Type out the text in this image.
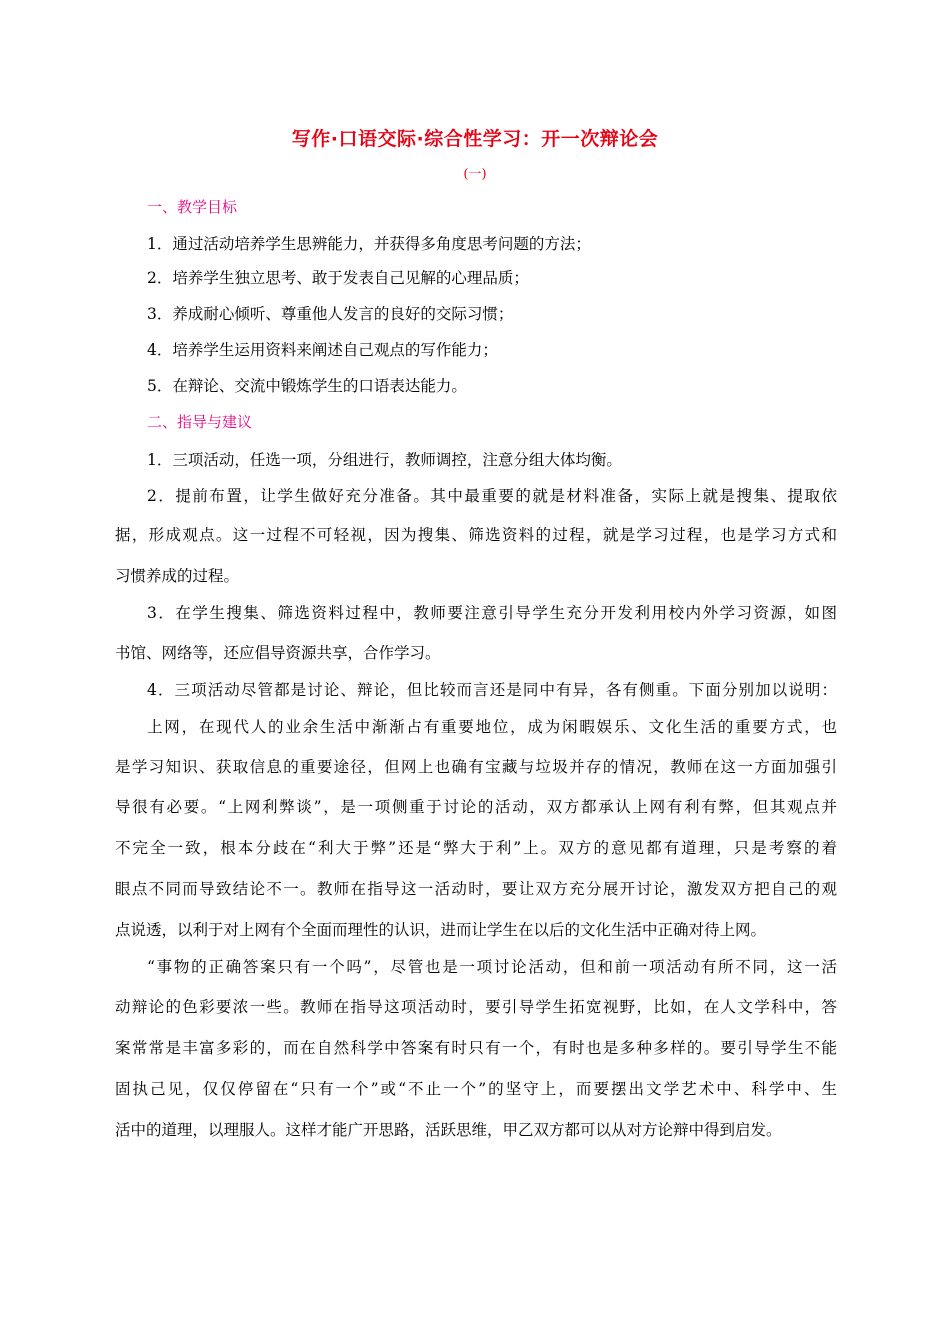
写作·口语交际·综合性学习：开一次辩论会
(一)
一、教学目标
1．通过活动培养学生思辨能力，并获得多角度思考问题的方法；
2．培养学生独立思考、敢于发表自己见解的心理品质；
3．养成耐心倾听、尊重他人发言的良好的交际习惯；
4．培养学生运用资料来阐述自己观点的写作能力；
5．在辩论、交流中锻炼学生的口语表达能力。
二、指导与建议
1．三项活动，任选一项，分组进行，教师调控，注意分组大体均衡。
2．提前布置，让学生做好充分准备。其中最重要的就是材料准备，实际上就是搜集、提取依
据，形成观点。这一过程不可轻视，因为搜集、筛选资料的过程，就是学习过程，也是学习方式和
习惯养成的过程。
3．在学生搜集、筛选资料过程中，教师要注意引导学生充分开发利用校内外学习资源，如图
书馆、网络等，还应倡导资源共享，合作学习。
4．三项活动尽管都是讨论、辩论，但比较而言还是同中有异，各有侧重。下面分别加以说明：
上网，在现代人的业余生活中渐渐占有重要地位，成为闲暇娱乐、文化生活的重要方式，也
是学习知识、获取信息的重要途径，但网上也确有宝藏与垃圾并存的情况，教师在这一方面加强引
导很有必要。“上网利弊谈”，是一项侧重于讨论的活动，双方都承认上网有利有弊，但其观点并
不完全一致，根本分歧在“利大于弊”还是“弊大于利”上。双方的意见都有道理，只是考察的着
眼点不同而导致结论不一。教师在指导这一活动时，要让双方充分展开讨论，激发双方把自己的观
点说透，以利于对上网有个全面而理性的认识，进而让学生在以后的文化生活中正确对待上网。
“事物的正确答案只有一个吗”，尽管也是一项讨论活动，但和前一项活动有所不同，这一活
动辩论的色彩要浓一些。教师在指导这项活动时，要引导学生拓宽视野，比如，在人文学科中，答
案常常是丰富多彩的，而在自然科学中答案有时只有一个，有时也是多种多样的。要引导学生不能
固执己见，仅仅停留在“只有一个”或“不止一个”的坚守上，而要摆出文学艺术中、科学中、生
活中的道理，以理服人。这样才能广开思路，活跃思维，甲乙双方都可以从对方论辩中得到启发。
